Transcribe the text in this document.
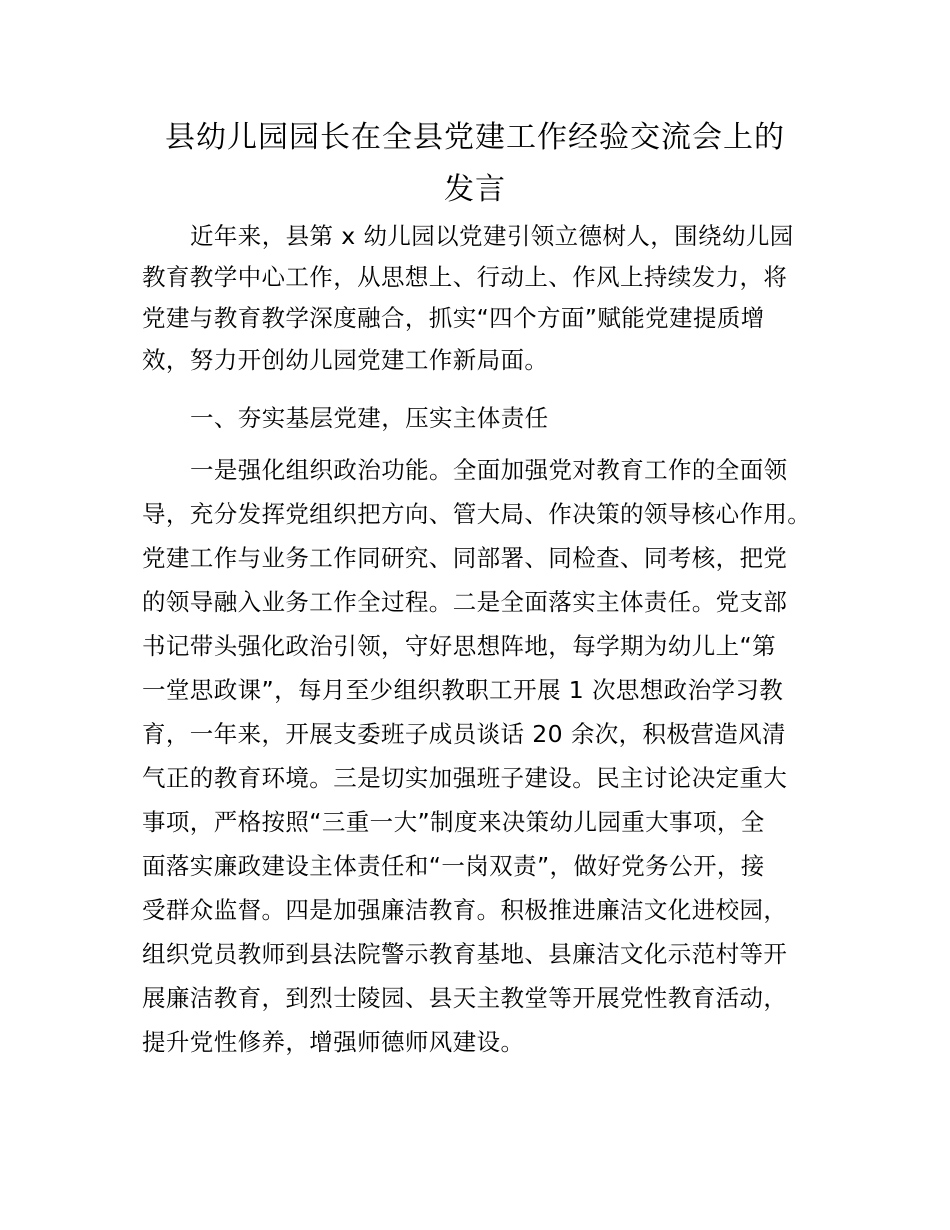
县幼儿园园长在全县党建工作经验交流会上的
发言
近年来，县第 x 幼儿园以党建引领立德树人，围绕幼儿园
教育教学中心工作，从思想上、行动上、作风上持续发力，将
党建与教育教学深度融合，抓实“四个方面”赋能党建提质增
效，努力开创幼儿园党建工作新局面。
一、夯实基层党建，压实主体责任
一是强化组织政治功能。全面加强党对教育工作的全面领
导，充分发挥党组织把方向、管大局、作决策的领导核心作用。
党建工作与业务工作同研究、同部署、同检查、同考核，把党
的领导融入业务工作全过程。二是全面落实主体责任。党支部
书记带头强化政治引领，守好思想阵地，每学期为幼儿上“第
一堂思政课”，每月至少组织教职工开展 1 次思想政治学习教
育，一年来，开展支委班子成员谈话 20 余次，积极营造风清
气正的教育环境。三是切实加强班子建设。民主讨论决定重大
事项，严格按照“三重一大”制度来决策幼儿园重大事项，全
面落实廉政建设主体责任和“一岗双责”，做好党务公开，接
受群众监督。四是加强廉洁教育。积极推进廉洁文化进校园，
组织党员教师到县法院警示教育基地、县廉洁文化示范村等开
展廉洁教育，到烈士陵园、县天主教堂等开展党性教育活动，
提升党性修养，增强师德师风建设。
